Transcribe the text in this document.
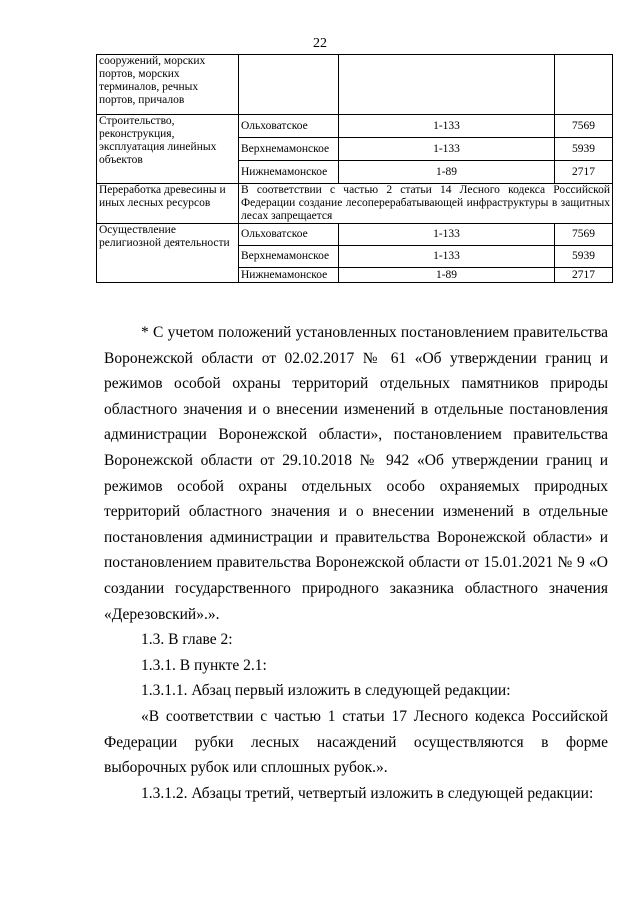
22
сооружений, морских портов, морских терминалов, речных портов, причалов			
Строительство, реконструкция, эксплуатация линейных объектов	Ольховатское	1-133	7569
	Верхнемамонское	1-133	5939
	Нижнемамонское	1-89	2717
Переработка древесины и иных лесных ресурсов	В соответствии с частью 2 статьи 14 Лесного кодекса Российской Федерации создание лесоперерабатывающей инфраструктуры в защитных лесах запрещается		
Осуществление религиозной деятельности	Ольховатское	1-133	7569
	Верхнемамонское	1-133	5939
	Нижнемамонское	1-89	2717

* С учетом положений установленных постановлением правительства Воронежской области от 02.02.2017 № 61 «Об утверждении границ и режимов особой охраны территорий отдельных памятников природы областного значения и о внесении изменений в отдельные постановления администрации Воронежской области», постановлением правительства Воронежской области от 29.10.2018 № 942 «Об утверждении границ и режимов особой охраны отдельных особо охраняемых природных территорий областного значения и о внесении изменений в отдельные постановления администрации и правительства Воронежской области» и постановлением правительства Воронежской области от 15.01.2021 № 9 «О создании государственного природного заказника областного значения «Дерезовский».».

1.3. В главе 2:

1.3.1. В пункте 2.1:

1.3.1.1. Абзац первый изложить в следующей редакции:

«В соответствии с частью 1 статьи 17 Лесного кодекса Российской Федерации рубки лесных насаждений осуществляются в форме выборочных рубок или сплошных рубок.».

1.3.1.2. Абзацы третий, четвертый изложить в следующей редакции:
